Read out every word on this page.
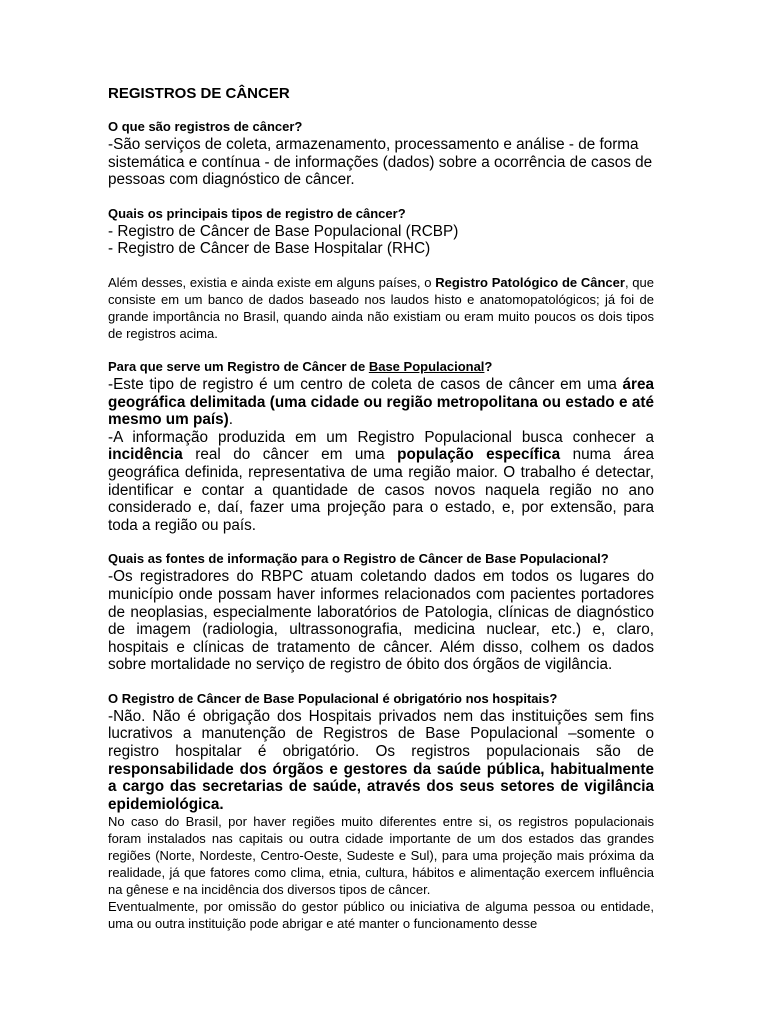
REGISTROS DE CÂNCER
O que são registros de câncer?

-São serviços de coleta, armazenamento, processamento e análise - de forma sistemática e contínua - de informações (dados) sobre a ocorrência de casos de pessoas com diagnóstico de câncer.

Quais os principais tipos de registro de câncer?

- Registro de Câncer de Base Populacional (RCBP)

- Registro de Câncer de Base Hospitalar (RHC)

Além desses, existia e ainda existe em alguns países, o Registro Patológico de Câncer, que consiste em um banco de dados baseado nos laudos histo e anatomopatológicos; já foi de grande importância no Brasil, quando ainda não existiam ou eram muito poucos os dois tipos de registros acima.

Para que serve um Registro de Câncer de Base Populacional?

-Este tipo de registro é um centro de coleta de casos de câncer em uma área geográfica delimitada (uma cidade ou região metropolitana ou estado e até mesmo um país).

-A informação produzida em um Registro Populacional busca conhecer a incidência real do câncer em uma população específica numa área geográfica definida, representativa de uma região maior. O trabalho é detectar, identificar e contar a quantidade de casos novos naquela região no ano considerado e, daí, fazer uma projeção para o estado, e, por extensão, para toda a região ou país.

Quais as fontes de informação para o Registro de Câncer de Base Populacional?

-Os registradores do RBPC atuam coletando dados em todos os lugares do município onde possam haver informes relacionados com pacientes portadores de neoplasias, especialmente laboratórios de Patologia, clínicas de diagnóstico de imagem (radiologia, ultrassonografia, medicina nuclear, etc.) e, claro, hospitais e clínicas de tratamento de câncer. Além disso, colhem os dados sobre mortalidade no serviço de registro de óbito dos órgãos de vigilância.

O Registro de Câncer de Base Populacional é obrigatório nos hospitais?

-Não. Não é obrigação dos Hospitais privados nem das instituições sem fins lucrativos a manutenção de Registros de Base Populacional –somente o registro hospitalar é obrigatório. Os registros populacionais são de responsabilidade dos órgãos e gestores da saúde pública, habitualmente a cargo das secretarias de saúde, através dos seus setores de vigilância epidemiológica.

No caso do Brasil, por haver regiões muito diferentes entre si, os registros populacionais foram instalados nas capitais ou outra cidade importante de um dos estados das grandes regiões (Norte, Nordeste, Centro-Oeste, Sudeste e Sul), para uma projeção mais próxima da realidade, já que fatores como clima, etnia, cultura, hábitos e alimentação exercem influência na gênese e na incidência dos diversos tipos de câncer.

Eventualmente, por omissão do gestor público ou iniciativa de alguma pessoa ou entidade, uma ou outra instituição pode abrigar e até manter o funcionamento desse
